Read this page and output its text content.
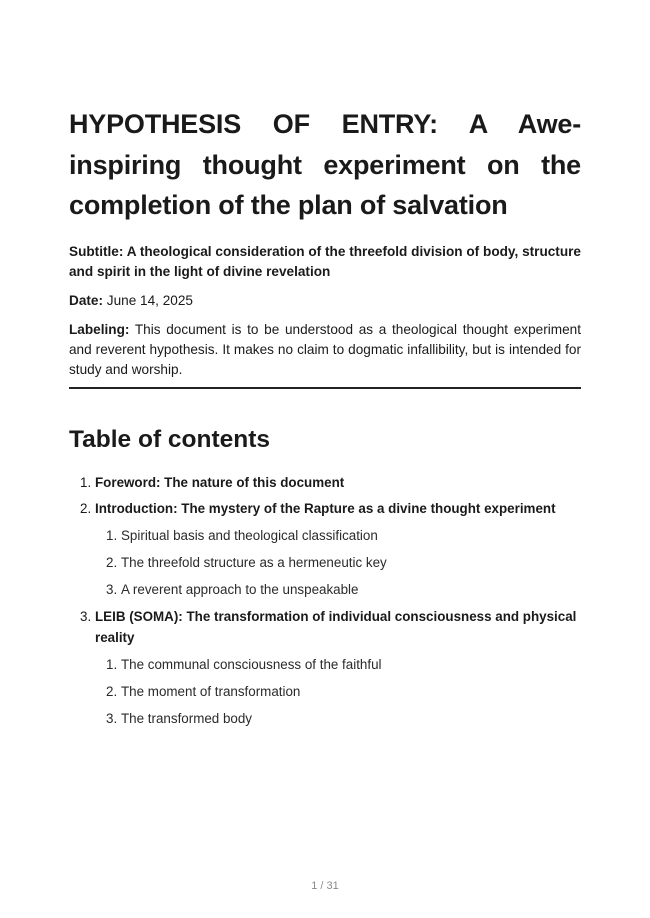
HYPOTHESIS OF ENTRY: A Awe-inspiring thought experiment on the completion of the plan of salvation

Subtitle: A theological consideration of the threefold division of body, structure and spirit in the light of divine revelation

Date: June 14, 2025

Labeling: This document is to be understood as a theological thought experiment and reverent hypothesis. It makes no claim to dogmatic infallibility, but is intended for study and worship.

Table of contents
1. Foreword: The nature of this document
2. Introduction: The mystery of the Rapture as a divine thought experiment
1. Spiritual basis and theological classification
2. The threefold structure as a hermeneutic key
3. A reverent approach to the unspeakable
3. LEIB (SOMA): The transformation of individual consciousness and physical reality
1. The communal consciousness of the faithful
2. The moment of transformation
3. The transformed body
1 / 31
